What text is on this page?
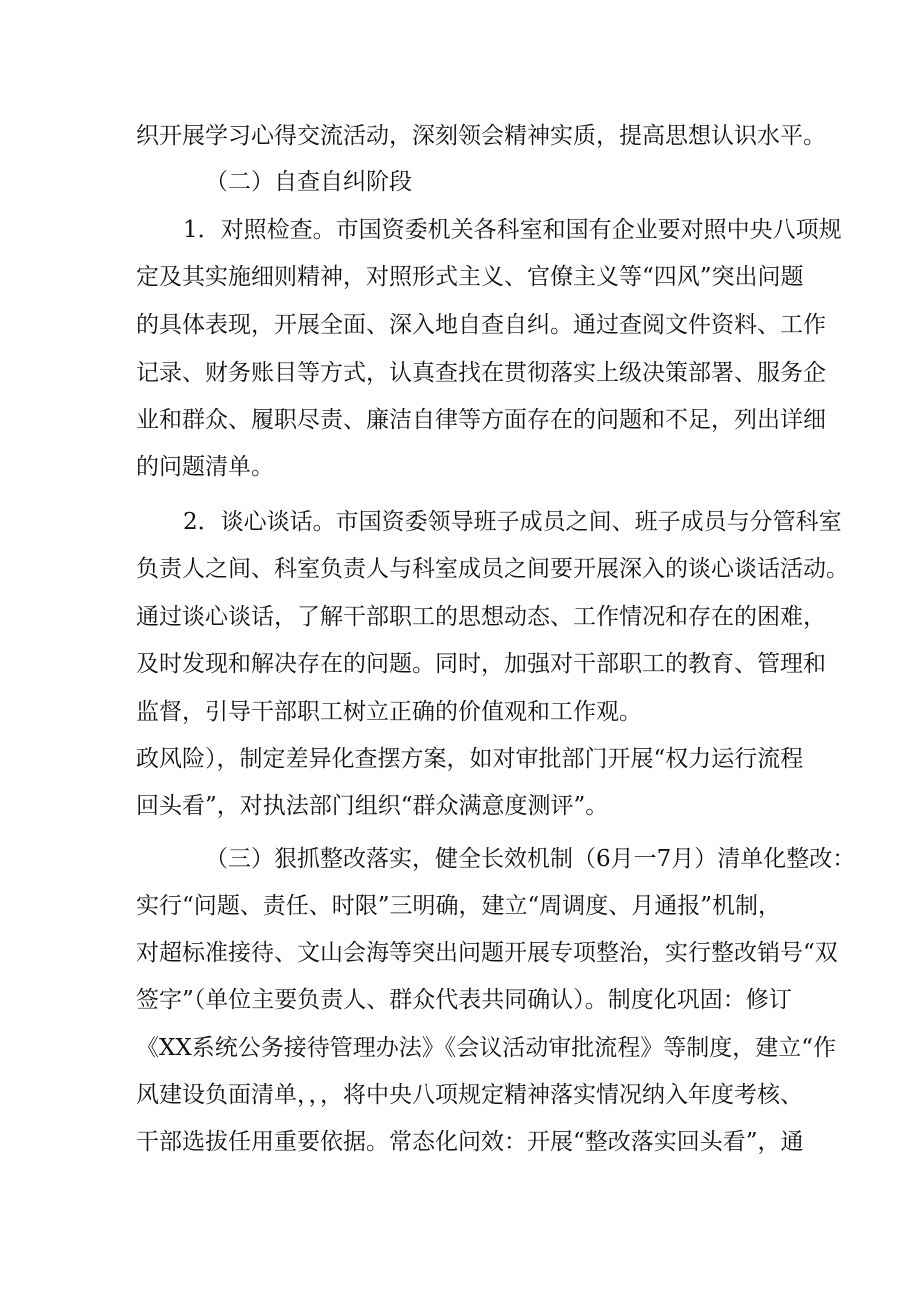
织开展学习心得交流活动，深刻领会精神实质，提高思想认识水平。
（二）自查自纠阶段
1．对照检查。市国资委机关各科室和国有企业要对照中央八项规
定及其实施细则精神，对照形式主义、官僚主义等“四风”突出问题
的具体表现，开展全面、深入地自查自纠。通过查阅文件资料、工作
记录、财务账目等方式，认真查找在贯彻落实上级决策部署、服务企
业和群众、履职尽责、廉洁自律等方面存在的问题和不足，列出详细
的问题清单。
2．谈心谈话。市国资委领导班子成员之间、班子成员与分管科室
负责人之间、科室负责人与科室成员之间要开展深入的谈心谈话活动。
通过谈心谈话，了解干部职工的思想动态、工作情况和存在的困难，
及时发现和解决存在的问题。同时，加强对干部职工的教育、管理和
监督，引导干部职工树立正确的价值观和工作观。
政风险），制定差异化查摆方案，如对审批部门开展“权力运行流程
回头看”，对执法部门组织“群众满意度测评”。
（三）狠抓整改落实，健全长效机制（6月一7月）清单化整改：
实行“问题、责任、时限”三明确，建立“周调度、月通报”机制，
对超标准接待、文山会海等突出问题开展专项整治，实行整改销号“双
签字”（单位主要负责人、群众代表共同确认）。制度化巩固：修订
《XX系统公务接待管理办法》《会议活动审批流程》等制度，建立“作
风建设负面清单，，，将中央八项规定精神落实情况纳入年度考核、
干部选拔任用重要依据。常态化问效：开展“整改落实回头看”，通
